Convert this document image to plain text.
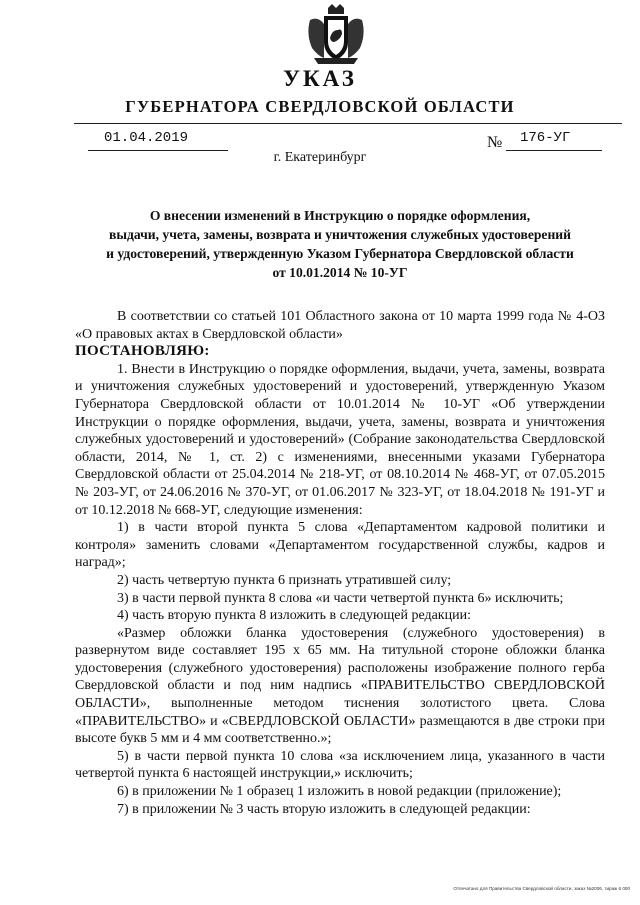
УКАЗ
ГУБЕРНАТОРА СВЕРДЛОВСКОЙ ОБЛАСТИ
01.04.2019	№ 176-УГ
г. Екатеринбург
О внесении изменений в Инструкцию о порядке оформления,
выдачи, учета, замены, возврата и уничтожения служебных удостоверений
и удостоверений, утвержденную Указом Губернатора Свердловской области
от 10.01.2014 № 10-УГ

В соответствии со статьей 101 Областного закона от 10 марта 1999 года № 4-ОЗ «О правовых актах в Свердловской области»

ПОСТАНОВЛЯЮ:

1. Внести в Инструкцию о порядке оформления, выдачи, учета, замены, возврата и уничтожения служебных удостоверений и удостоверений, утвержденную Указом Губернатора Свердловской области от 10.01.2014 № 10-УГ «Об утверждении Инструкции о порядке оформления, выдачи, учета, замены, возврата и уничтожения служебных удостоверений и удостоверений» (Собрание законодательства Свердловской области, 2014, № 1, ст. 2) с изменениями, внесенными указами Губернатора Свердловской области от 25.04.2014 № 218-УГ, от 08.10.2014 № 468-УГ, от 07.05.2015 № 203-УГ, от 24.06.2016 № 370-УГ, от 01.06.2017 № 323-УГ, от 18.04.2018 № 191-УГ и от 10.12.2018 № 668-УГ, следующие изменения:

1) в части второй пункта 5 слова «Департаментом кадровой политики и контроля» заменить словами «Департаментом государственной службы, кадров и наград»;

2) часть четвертую пункта 6 признать утратившей силу;

3) в части первой пункта 8 слова «и части четвертой пункта 6» исключить;

4) часть вторую пункта 8 изложить в следующей редакции:

«Размер обложки бланка удостоверения (служебного удостоверения) в развернутом виде составляет 195 х 65 мм. На титульной стороне обложки бланка удостоверения (служебного удостоверения) расположены изображение полного герба Свердловской области и под ним надпись «ПРАВИТЕЛЬСТВО СВЕРДЛОВСКОЙ ОБЛАСТИ», выполненные методом тиснения золотистого цвета. Слова «ПРАВИТЕЛЬСТВО» и «СВЕРДЛОВСКОЙ ОБЛАСТИ» размещаются в две строки при высоте букв 5 мм и 4 мм соответственно.»;

5) в части первой пункта 10 слова «за исключением лица, указанного в части четвертой пункта 6 настоящей инструкции,» исключить;

6) в приложении № 1 образец 1 изложить в новой редакции (приложение);

7) в приложении № 3 часть вторую изложить в следующей редакции:

Отпечатано для Правительства Свердловской области, заказ №2006, тираж 6 000
